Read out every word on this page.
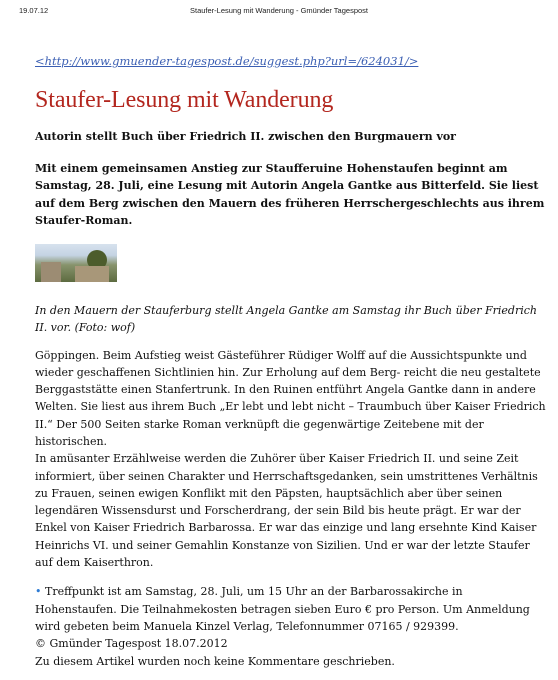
19.07.12	Staufer-Lesung mit Wanderung - Gmünder Tagespost
<http://www.gmuender-tagespost.de/suggest.php?url=/624031/>
Staufer-Lesung mit Wanderung

Autorin stellt Buch über Friedrich II. zwischen den Burgmauern vor

Mit einem gemeinsamen Anstieg zur Staufferuine Hohenstaufen beginnt am Samstag, 28. Juli, eine Lesung mit Autorin Angela Gantke aus Bitterfeld. Sie liest auf dem Berg zwischen den Mauern des früheren Herrschergeschlechts aus ihrem Staufer-Roman.

In den Mauern der Stauferburg stellt Angela Gantke am Samstag ihr Buch über Friedrich II. vor. (Foto: wof)

Göppingen. Beim Aufstieg weist Gästeführer Rüdiger Wolff auf die Aussichtspunkte und wieder geschaffenen Sichtlinien hin. Zur Erholung auf dem Berg- reicht die neu gestaltete Berggaststätte einen Stanfertrunk. In den Ruinen entführt Angela Gantke dann in andere Welten. Sie liest aus ihrem Buch „Er lebt und lebt nicht – Traumbuch über Kaiser Friedrich II.“ Der 500 Seiten starke Roman verknüpft die gegenwärtige Zeitebene mit der historischen.

In amüsanter Erzählweise werden die Zuhörer über Kaiser Friedrich II. und seine Zeit informiert, über seinen Charakter und Herrschaftsgedanken, sein umstrittenes Verhältnis zu Frauen, seinen ewigen Konflikt mit den Päpsten, hauptsächlich aber über seinen legendären Wissensdurst und Forscherdrang, der sein Bild bis heute prägt. Er war der Enkel von Kaiser Friedrich Barbarossa. Er war das einzige und lang ersehnte Kind Kaiser Heinrichs VI. und seiner Gemahlin Konstanze von Sizilien. Und er war der letzte Staufer auf dem Kaiserthron.

• Treffpunkt ist am Samstag, 28. Juli, um 15 Uhr an der Barbarossakirche in Hohenstaufen. Die Teilnahmekosten betragen sieben Euro € pro Person. Um Anmeldung wird gebeten beim Manuela Kinzel Verlag, Telefonnummer 07165 / 929399.

© Gmünder Tagespost 18.07.2012

Zu diesem Artikel wurden noch keine Kommentare geschrieben.
